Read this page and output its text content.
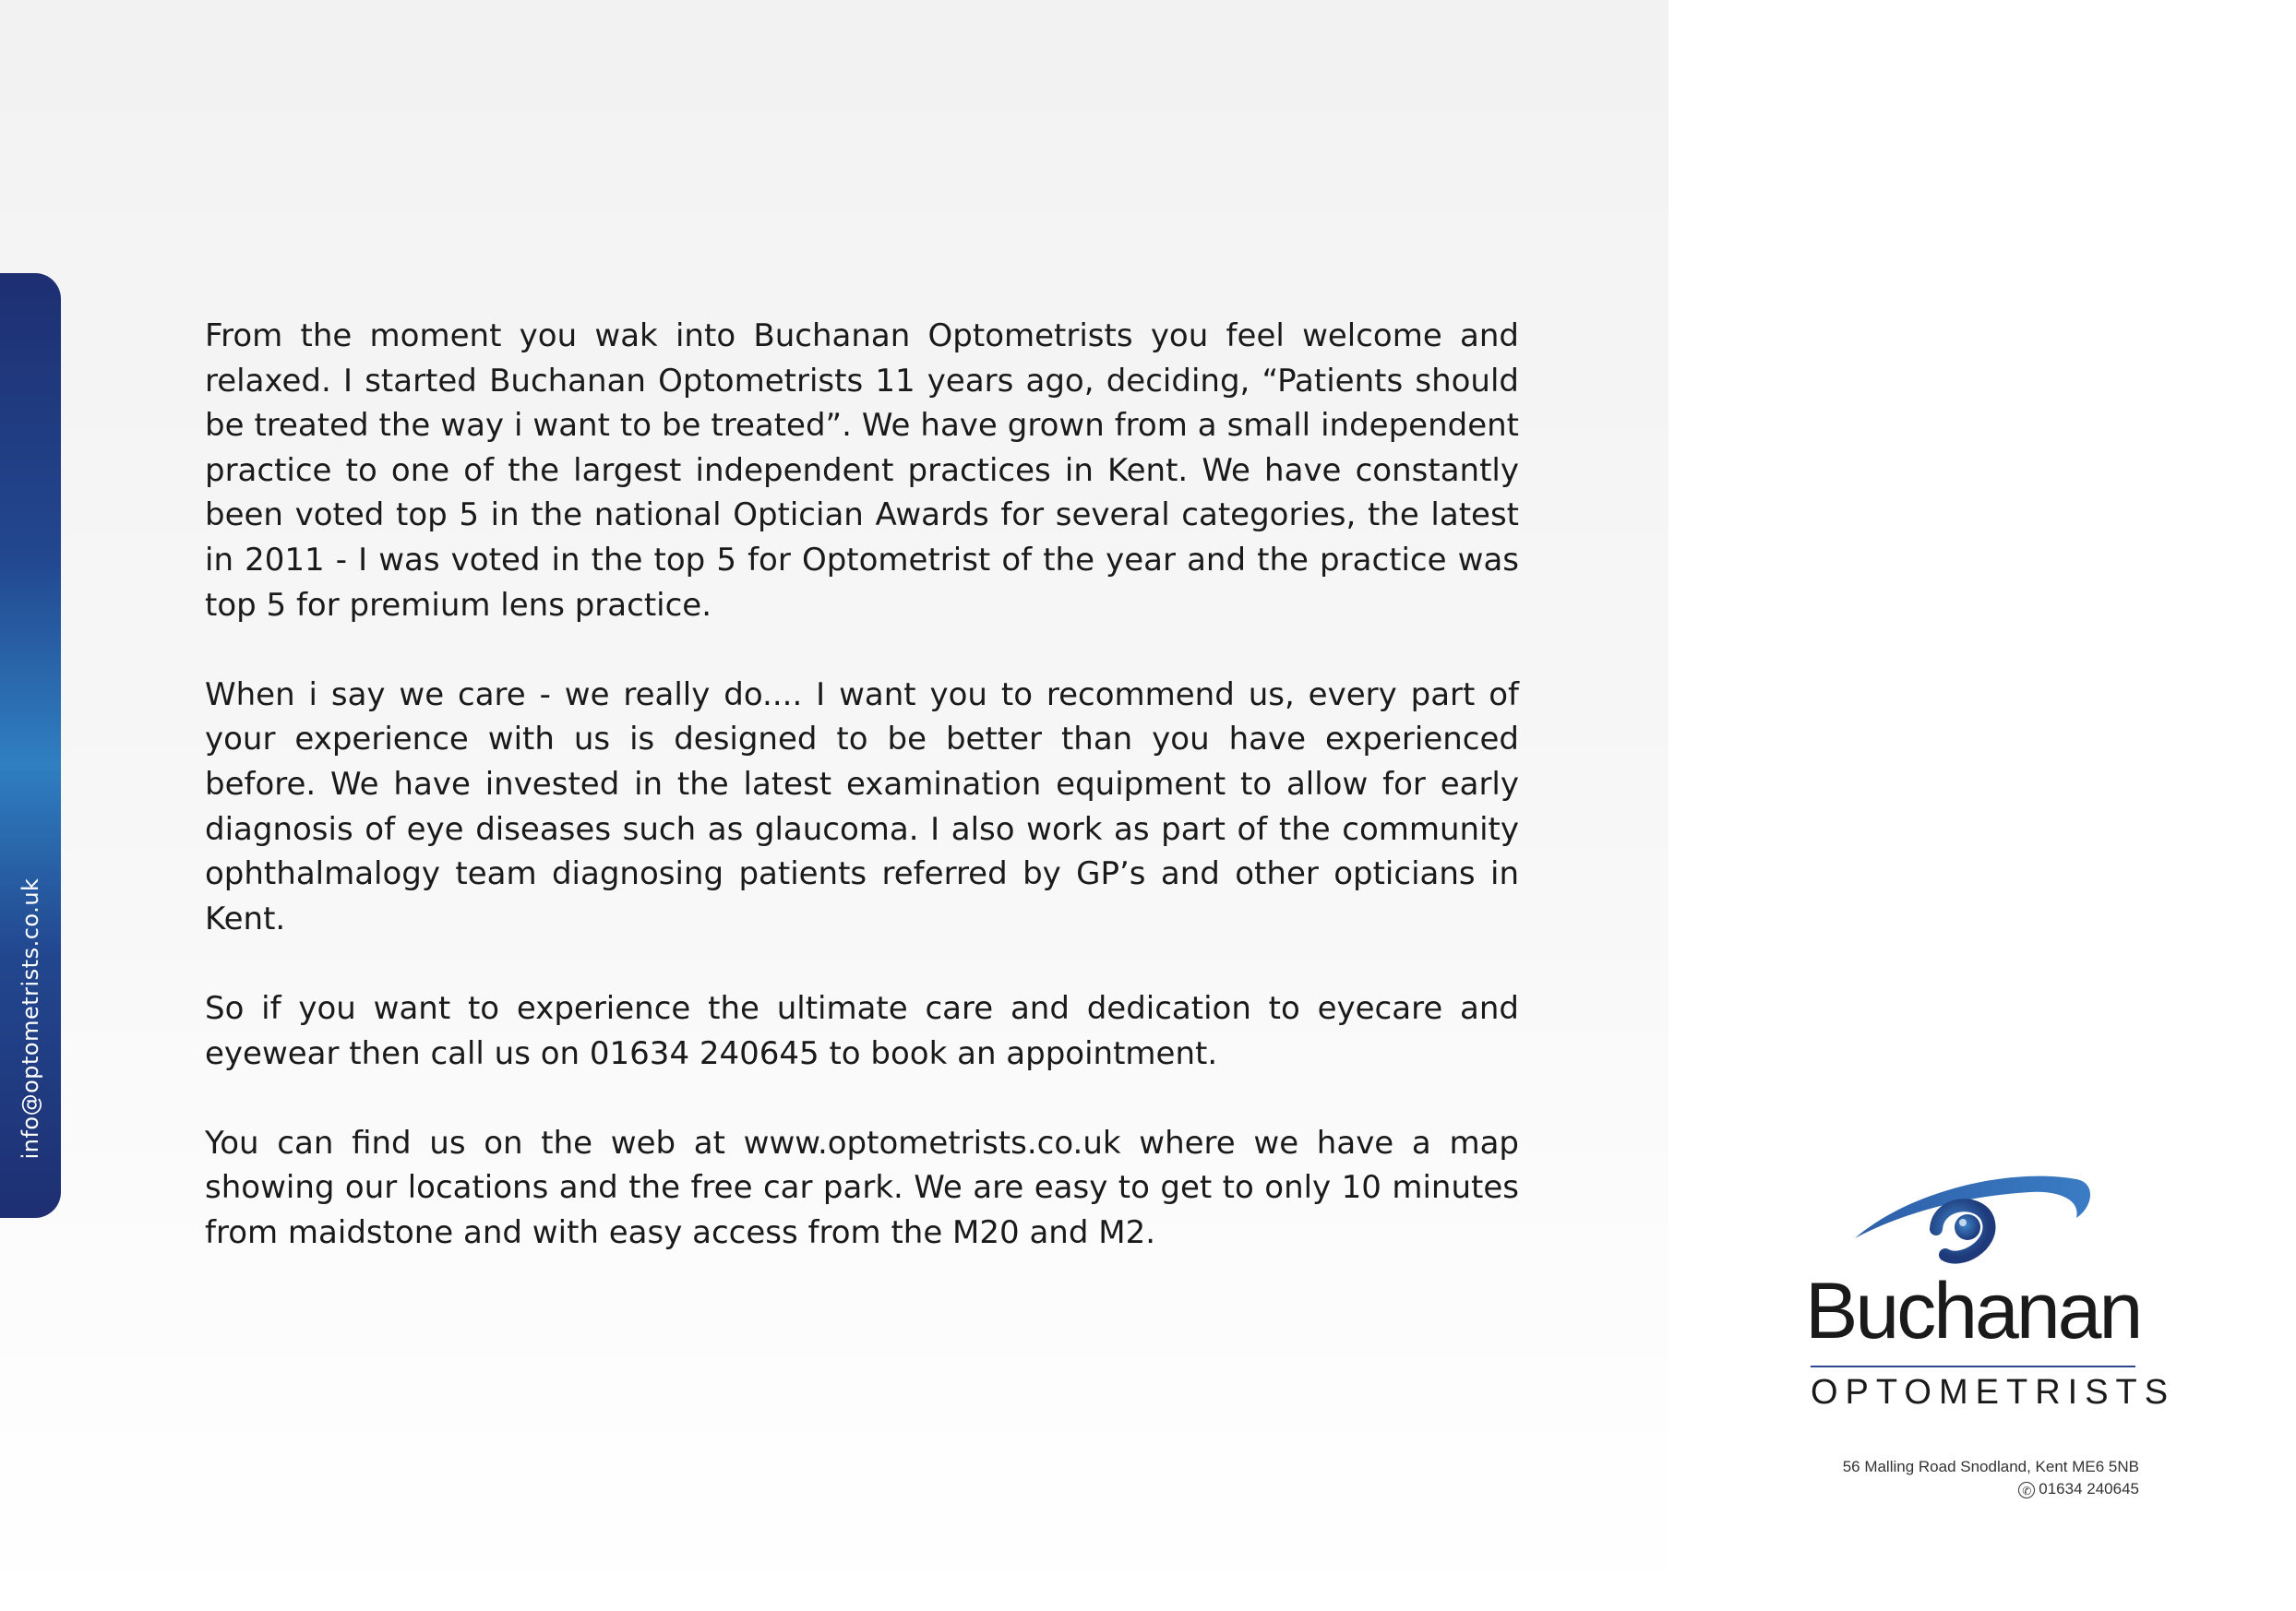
info@optometrists.co.uk

From the moment you wak into Buchanan Optometrists you feel welcome and relaxed. I started Buchanan Optometrists 11 years ago, deciding, “Patients should be treated the way i want to be treated”. We have grown from a small independent practice to one of the largest independent practices in Kent. We have constantly been voted top 5 in the national Optician Awards for several categories, the latest in 2011 - I was voted in the top 5 for Optometrist of the year and the practice was top 5 for premium lens practice.

When i say we care - we really do.... I want you to recommend us, every part of your experience with us is designed to be better than you have experienced before. We have invested in the latest examination equipment to allow for early diagnosis of eye diseases such as glaucoma. I also work as part of the community ophthalmalogy team diagnosing patients referred by GP’s and other opticians in Kent.

So if you want to experience the ultimate care and dedication to eyecare and eyewear then call us on 01634 240645 to book an appointment.

You can find us on the web at www.optometrists.co.uk where we have a map showing our locations and the free car park. We are easy to get to only 10 minutes from maidstone and with easy access from the M20 and M2.

Buchanan
OPTOMETRISTS
56 Malling Road Snodland, Kent ME6 5NB
✆ 01634 240645
